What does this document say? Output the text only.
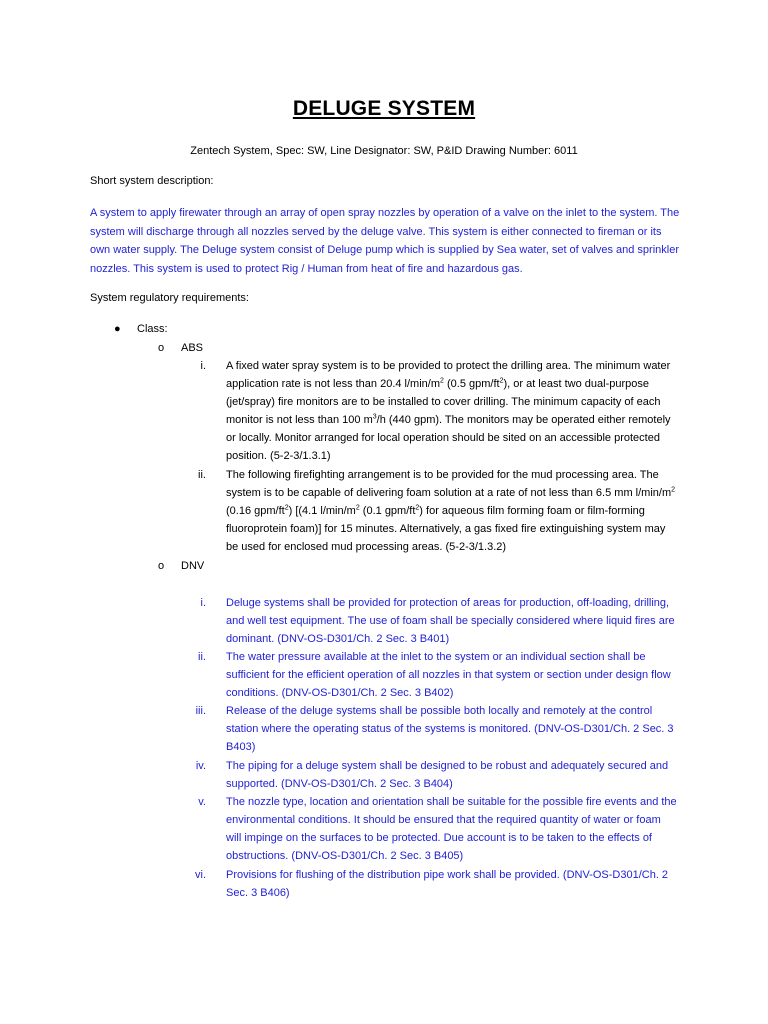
DELUGE SYSTEM
Zentech System, Spec: SW, Line Designator: SW, P&ID Drawing Number: 6011
Short system description:
A system to apply firewater through an array of open spray nozzles by operation of a valve on the inlet to the system. The system will discharge through all nozzles served by the deluge valve. This system is either connected to fireman or its own water supply. The Deluge system consist of Deluge pump which is supplied by Sea water, set of valves and sprinkler nozzles. This system is used to protect Rig / Human from heat of fire and hazardous gas.
System regulatory requirements:
● Class:
o ABS
i. A fixed water spray system is to be provided to protect the drilling area. The minimum water application rate is not less than 20.4 $l/\min/m^2$ (0.5 gpm/$ft^2$), or at least two dual-purpose (jet/spray) fire monitors are to be installed to cover drilling. The minimum capacity of each monitor is not less than 100 $m^3/h$ (440 gpm). The monitors may be operated either remotely or locally. Monitor arranged for local operation should be sited on an accessible protected position. (5-2-3/1.3.1)
ii. The following firefighting arrangement is to be provided for the mud processing area. The system is to be capable of delivering foam solution at a rate of not less than 6.5 mm $l/\min/m^2$ (0.16 gpm/$ft^2$) [(4.1 $l/\min/m^2$ (0.1 gpm/$ft^2$) for aqueous film forming foam or film-forming fluoroprotein foam)] for 15 minutes. Alternatively, a gas fixed fire extinguishing system may be used for enclosed mud processing areas. (5-2-3/1.3.2)
o DNV
i. Deluge systems shall be provided for protection of areas for production, off-loading, drilling, and well test equipment. The use of foam shall be specially considered where liquid fires are dominant. (DNV-OS-D301/Ch. 2 Sec. 3 B401)
ii. The water pressure available at the inlet to the system or an individual section shall be sufficient for the efficient operation of all nozzles in that system or section under design flow conditions. (DNV-OS-D301/Ch. 2 Sec. 3 B402)
iii. Release of the deluge systems shall be possible both locally and remotely at the control station where the operating status of the systems is monitored. (DNV-OS-D301/Ch. 2 Sec. 3 B403)
iv. The piping for a deluge system shall be designed to be robust and adequately secured and supported. (DNV-OS-D301/Ch. 2 Sec. 3 B404)
v. The nozzle type, location and orientation shall be suitable for the possible fire events and the environmental conditions. It should be ensured that the required quantity of water or foam will impinge on the surfaces to be protected. Due account is to be taken to the effects of obstructions. (DNV-OS-D301/Ch. 2 Sec. 3 B405)
vi. Provisions for flushing of the distribution pipe work shall be provided. (DNV-OS-D301/Ch. 2 Sec. 3 B406)
